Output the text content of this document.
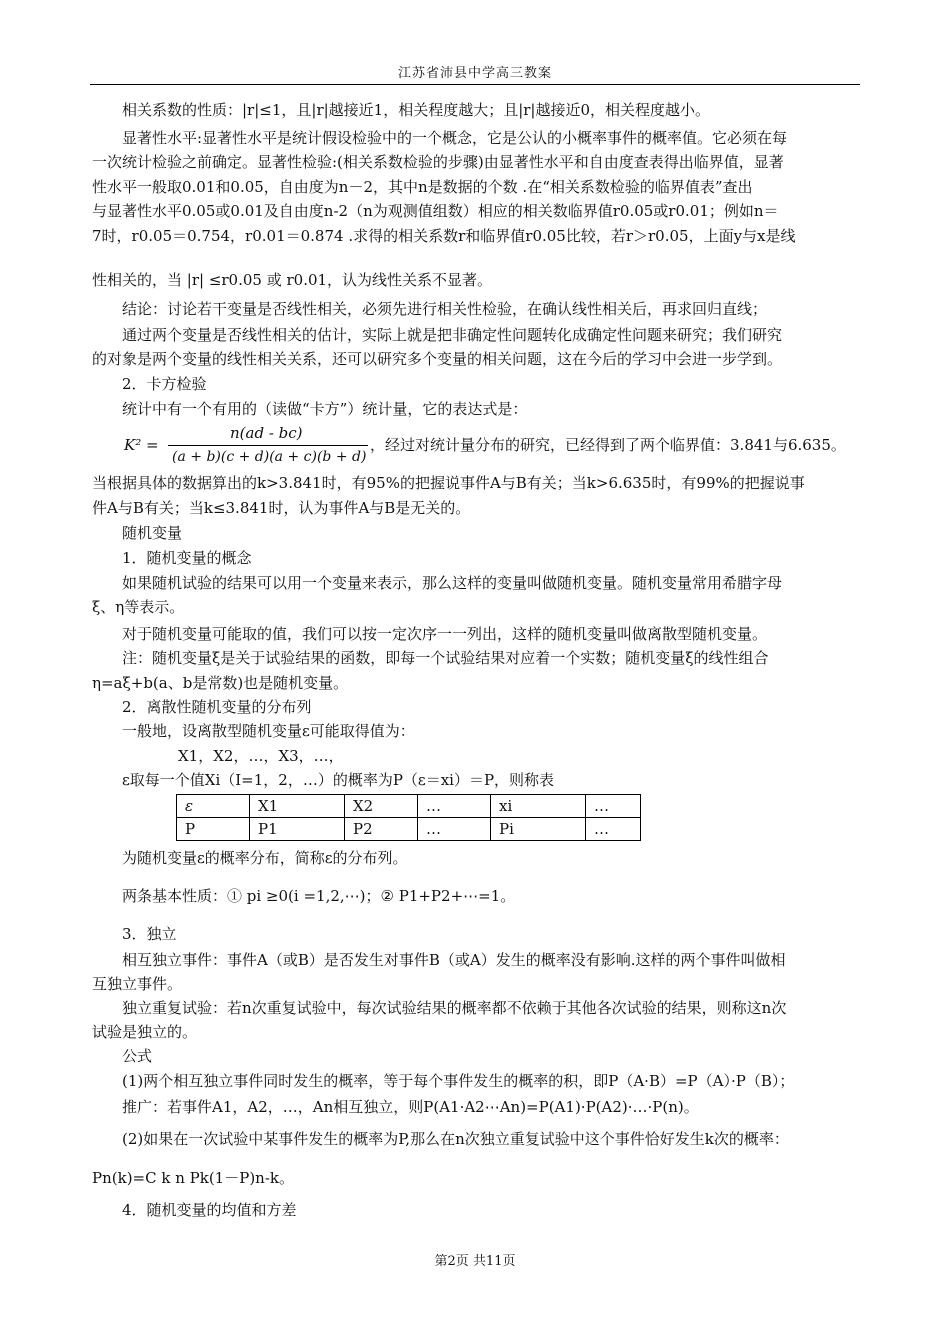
江苏省沛县中学高三教案
相关系数的性质：|r|≤1，且|r|越接近1，相关程度越大；且|r|越接近0，相关程度越小。
显著性水平:显著性水平是统计假设检验中的一个概念，它是公认的小概率事件的概率值。它必须在每
一次统计检验之前确定。显著性检验:(相关系数检验的步骤)由显著性水平和自由度查表得出临界值，显著
性水平一般取0.01和0.05，自由度为n－2，其中n是数据的个数 .在“相关系数检验的临界值表”查出
与显著性水平0.05或0.01及自由度n-2（n为观测值组数）相应的相关数临界值r0.05或r0.01；例如n＝
7时，r0.05＝0.754，r0.01＝0.874 .求得的相关系数r和临界值r0.05比较，若r＞r0.05，上面y与x是线
性相关的，当 |r| ≤r0.05 或 r0.01，认为线性关系不显著。
结论：讨论若干变量是否线性相关，必须先进行相关性检验，在确认线性相关后，再求回归直线；
通过两个变量是否线性相关的估计，实际上就是把非确定性问题转化成确定性问题来研究；我们研究
的对象是两个变量的线性相关关系，还可以研究多个变量的相关问题，这在今后的学习中会进一步学到。
2．卡方检验
统计中有一个有用的（读做“卡方”）统计量，它的表达式是：
K² =
n(ad - bc)
(a + b)(c + d)(a + c)(b + d)
，经过对统计量分布的研究，已经得到了两个临界值：3.841与6.635。
当根据具体的数据算出的k>3.841时，有95%的把握说事件A与B有关；当k>6.635时，有99%的把握说事
件A与B有关；当k≤3.841时，认为事件A与B是无关的。
随机变量
1．随机变量的概念
如果随机试验的结果可以用一个变量来表示，那么这样的变量叫做随机变量。随机变量常用希腊字母
ξ、η等表示。
对于随机变量可能取的值，我们可以按一定次序一一列出，这样的随机变量叫做离散型随机变量。
注：随机变量ξ是关于试验结果的函数，即每一个试验结果对应着一个实数；随机变量ξ的线性组合
η=aξ+b(a、b是常数)也是随机变量。
2．离散性随机变量的分布列
一般地，设离散型随机变量ε可能取得值为：
X1，X2，…，X3，…，
ε取每一个值Xi（I=1，2，…）的概率为P（ε＝xi）＝P，则称表
ε	X1	X2	…	xi	…
P	P1	P2	…	Pi	…
为随机变量ε的概率分布，简称ε的分布列。
两条基本性质：① pi ≥0(i =1,2,⋯)；② P1+P2+⋯=1。
3．独立
相互独立事件：事件A（或B）是否发生对事件B（或A）发生的概率没有影响.这样的两个事件叫做相
互独立事件。
独立重复试验：若n次重复试验中，每次试验结果的概率都不依赖于其他各次试验的结果，则称这n次
试验是独立的。
公式
(1)两个相互独立事件同时发生的概率，等于每个事件发生的概率的积，即P（A·B）=P（A）·P（B）；
推广：若事件A1，A2，…，An相互独立，则P(A1·A2⋯An)=P(A1)·P(A2)·…·P(n)。
(2)如果在一次试验中某事件发生的概率为P,那么在n次独立重复试验中这个事件恰好发生k次的概率：
Pn(k)=C k n Pk(1－P)n-k。
4．随机变量的均值和方差
第2页 共11页
